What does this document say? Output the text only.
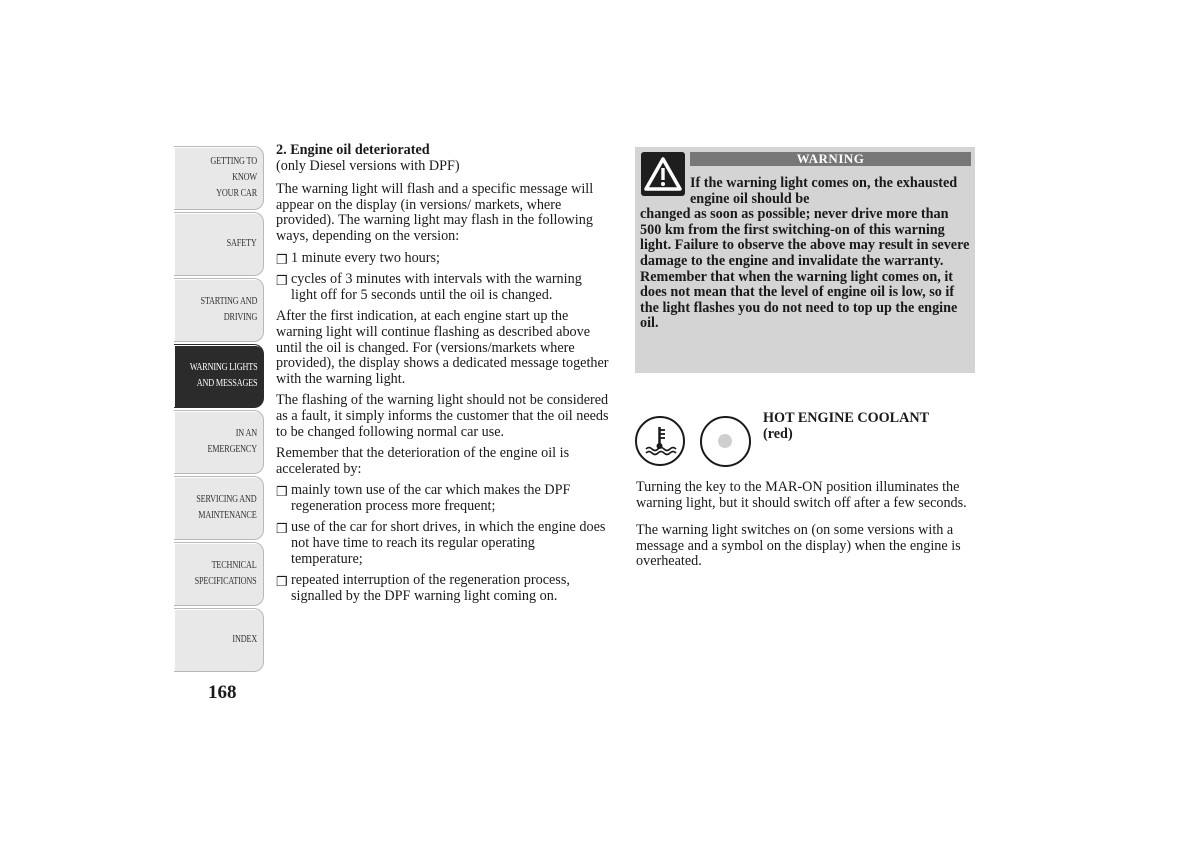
GETTING TO KNOW
YOUR CAR
SAFETY
STARTING AND
DRIVING
WARNING LIGHTS
AND MESSAGES
IN AN EMERGENCY
SERVICING AND
MAINTENANCE
TECHNICAL
SPECIFICATIONS
INDEX
168

2. Engine oil deteriorated

(only Diesel versions with DPF)

The warning light will flash and a specific message will appear on the display (in versions/ markets, where provided). The warning light may flash in the following ways, depending on the version:

❒ 1 minute every two hours;
❒ cycles of 3 minutes with intervals with the warning light off for 5 seconds until the oil is changed.

After the first indication, at each engine start up the warning light will continue flashing as described above until the oil is changed. For (versions/markets where provided), the display shows a dedicated message together with the warning light.

The flashing of the warning light should not be considered as a fault, it simply informs the customer that the oil needs to be changed following normal car use.

Remember that the deterioration of the engine oil is accelerated by:

❒ mainly town use of the car which makes the DPF regeneration process more frequent;
❒ use of the car for short drives, in which the engine does not have time to reach its regular operating temperature;
❒ repeated interruption of the regeneration process, signalled by the DPF warning light coming on.
WARNING
If the warning light comes on, the exhausted engine oil should be
changed as soon as possible; never drive more than 500 km from the first switching-on of this warning light. Failure to observe the above may result in severe damage to the engine and invalidate the warranty. Remember that when the warning light comes on, it does not mean that the level of engine oil is low, so if the light flashes you do not need to top up the engine oil.
HOT ENGINE COOLANT
(red)

Turning the key to the MAR-ON position illuminates the warning light, but it should switch off after a few seconds.

The warning light switches on (on some versions with a message and a symbol on the display) when the engine is overheated.
